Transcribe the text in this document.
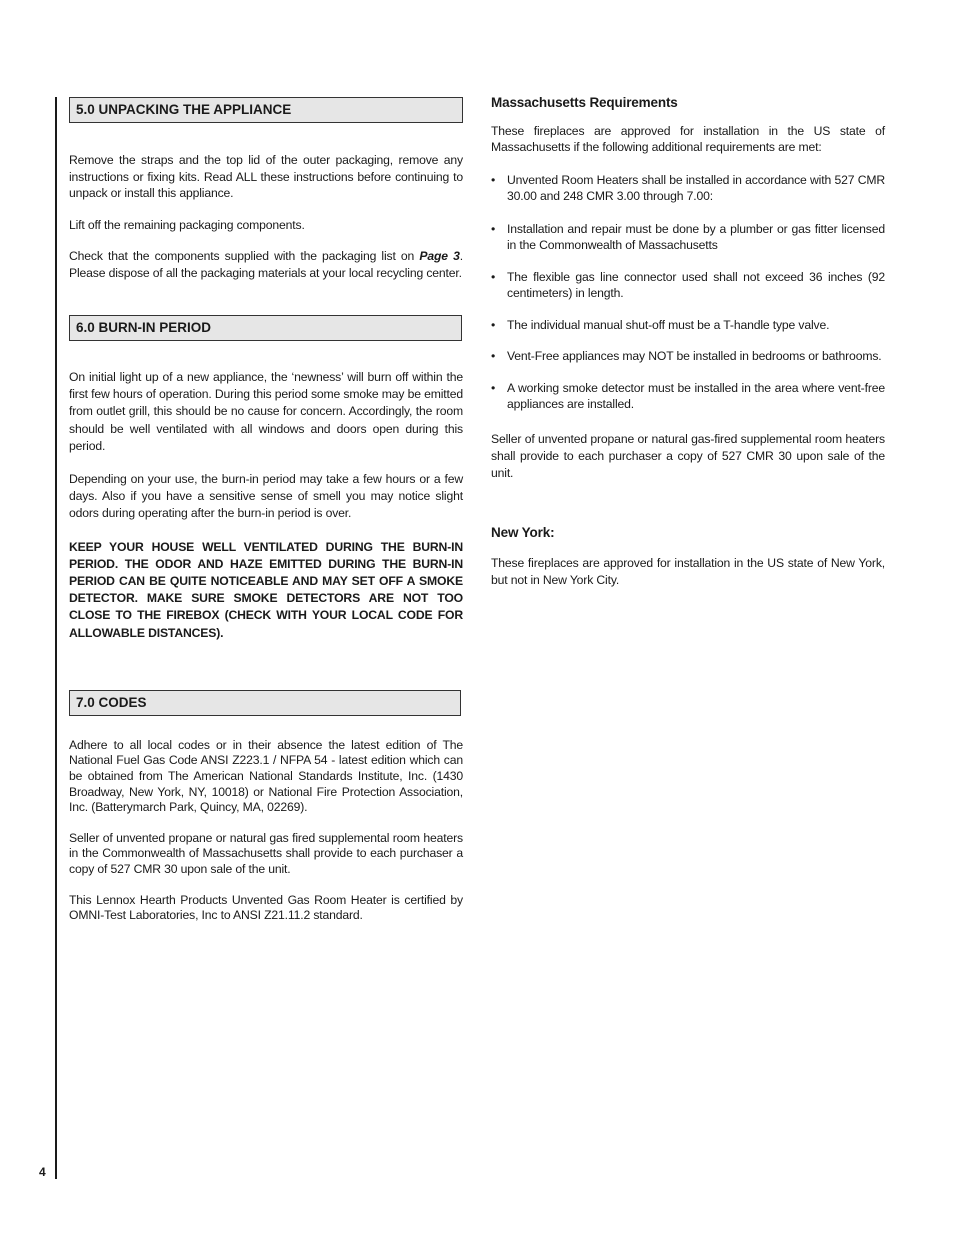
4
5.0 UNPACKING THE APPLIANCE

Remove the straps and the top lid of the outer packaging, remove any instructions or fixing kits. Read ALL these instructions before continuing to unpack or install this appliance.

Lift off the remaining packaging components.

Check that the components supplied with the packaging list on Page 3. Please dispose of all the packaging materials at your local recycling center.

6.0 BURN-IN PERIOD

On initial light up of a new appliance, the ‘newness’ will burn off within the first few hours of operation. During this period some smoke may be emitted from outlet grill, this should be no cause for concern. Accordingly, the room should be well ventilated with all windows and doors open during this period.

Depending on your use, the burn-in period may take a few hours or a few days. Also if you have a sensitive sense of smell you may notice slight odors during operating after the burn-in period is over.

KEEP YOUR HOUSE WELL VENTILATED DURING THE BURN-IN PERIOD. THE ODOR AND HAZE EMITTED DURING THE BURN-IN PERIOD CAN BE QUITE NOTICEABLE AND MAY SET OFF A SMOKE DETECTOR. MAKE SURE SMOKE DETECTORS ARE NOT TOO CLOSE TO THE FIREBOX (CHECK WITH YOUR LOCAL CODE FOR ALLOWABLE DISTANCES).

7.0 CODES

Adhere to all local codes or in their absence the latest edition of The National Fuel Gas Code ANSI Z223.1 / NFPA 54 - latest edition which can be obtained from The American National Standards Institute, Inc. (1430 Broadway, New York, NY, 10018) or National Fire Protection Association, Inc. (Batterymarch Park, Quincy, MA, 02269).

Seller of unvented propane or natural gas fired supplemental room heaters in the Commonwealth of Massachusetts shall provide to each purchaser a copy of 527 CMR 30 upon sale of the unit.

This Lennox Hearth Products Unvented Gas Room Heater is certified by OMNI-Test Laboratories, Inc to ANSI Z21.11.2 standard.

Massachusetts Requirements

These fireplaces are approved for installation in the US state of Massachusetts if the following additional requirements are met:

• Unvented Room Heaters shall be installed in accordance with 527 CMR 30.00 and 248 CMR 3.00 through 7.00:
• Installation and repair must be done by a plumber or gas fitter licensed in the Commonwealth of Massachusetts
• The flexible gas line connector used shall not exceed 36 inches (92 centimeters) in length.
• The individual manual shut-off must be a T-handle type valve.
• Vent-Free appliances may NOT be installed in bedrooms or bathrooms.
• A working smoke detector must be installed in the area where vent-free appliances are installed.

Seller of unvented propane or natural gas-fired supplemental room heaters shall provide to each purchaser a copy of 527 CMR 30 upon sale of the unit.

New York:

These fireplaces are approved for installation in the US state of New York, but not in New York City.
